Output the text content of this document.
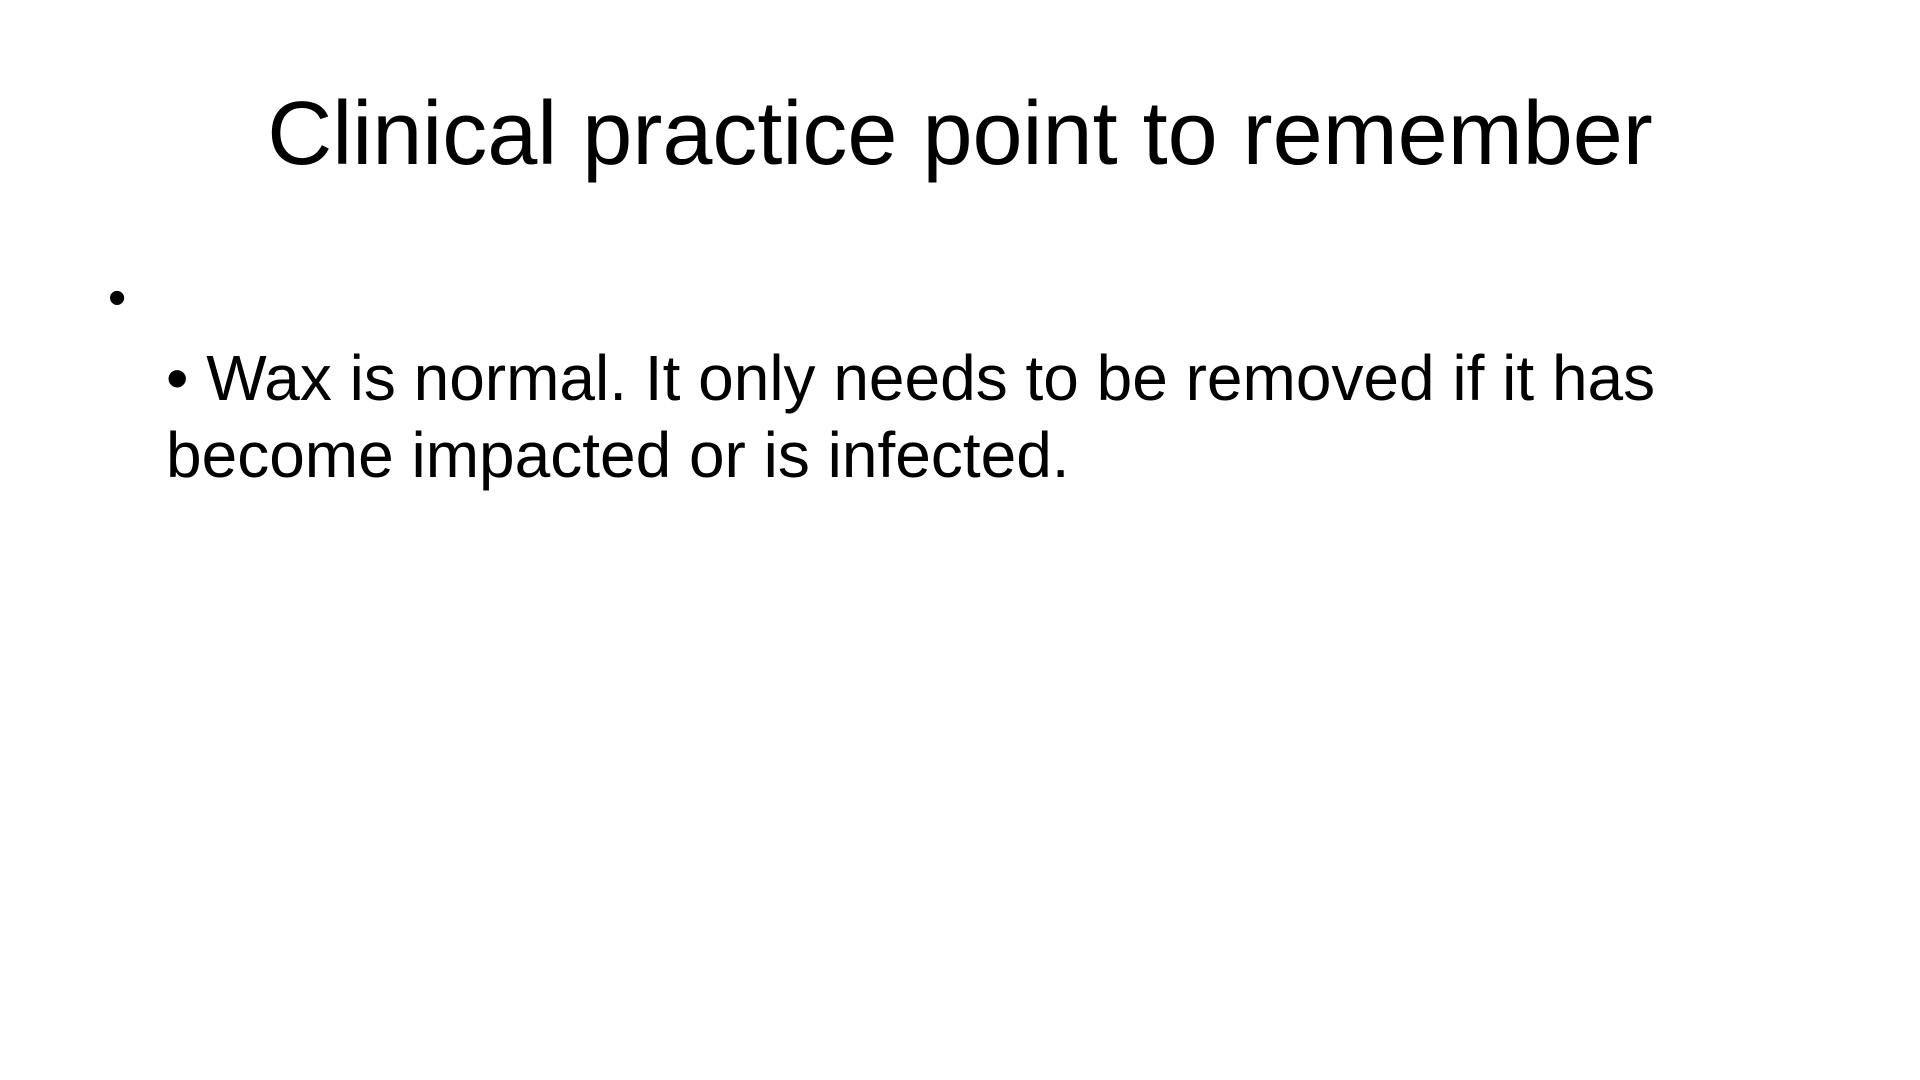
Clinical practice point to remember
•

• Wax is normal. It only needs to be removed if it has become impacted or is infected.
